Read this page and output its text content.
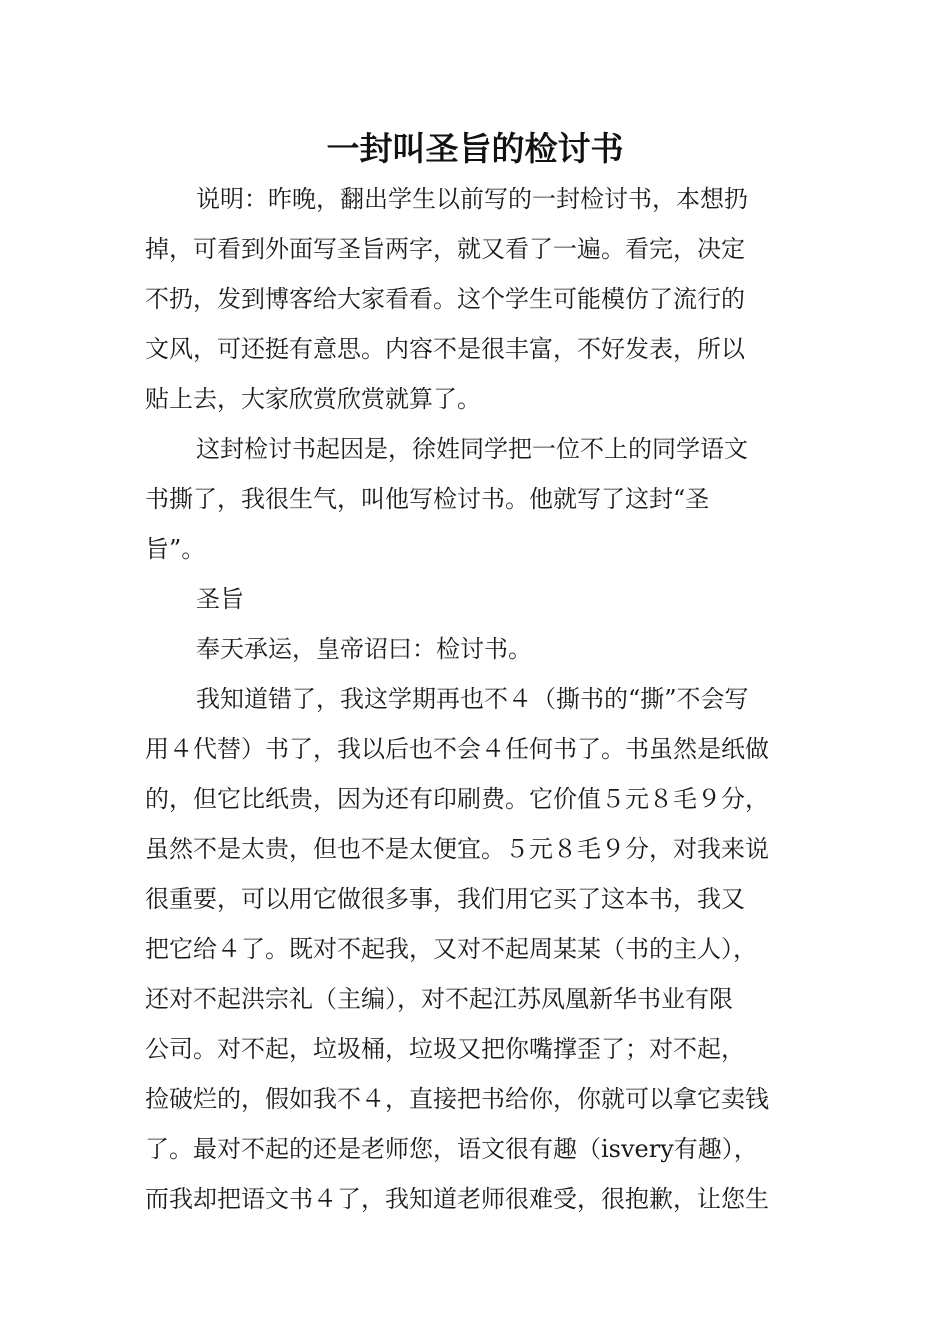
一封叫圣旨的检讨书

说明：昨晚，翻出学生以前写的一封检讨书，本想扔

掉，可看到外面写圣旨两字，就又看了一遍。看完，决定

不扔，发到博客给大家看看。这个学生可能模仿了流行的

文风，可还挺有意思。内容不是很丰富，不好发表，所以

贴上去，大家欣赏欣赏就算了。

这封检讨书起因是，徐姓同学把一位不上的同学语文

书撕了，我很生气，叫他写检讨书。他就写了这封“圣

旨”。

圣旨

奉天承运，皇帝诏曰：检讨书。

我知道错了，我这学期再也不４（撕书的“撕”不会写

用４代替）书了，我以后也不会４任何书了。书虽然是纸做

的，但它比纸贵，因为还有印刷费。它价值５元８毛９分，

虽然不是太贵，但也不是太便宜。５元８毛９分，对我来说

很重要，可以用它做很多事，我们用它买了这本书，我又

把它给４了。既对不起我，又对不起周某某（书的主人），

还对不起洪宗礼（主编），对不起江苏凤凰新华书业有限

公司。对不起，垃圾桶，垃圾又把你嘴撑歪了；对不起，

捡破烂的，假如我不４，直接把书给你，你就可以拿它卖钱

了。最对不起的还是老师您，语文很有趣（isvery有趣），

而我却把语文书４了，我知道老师很难受，很抱歉，让您生
